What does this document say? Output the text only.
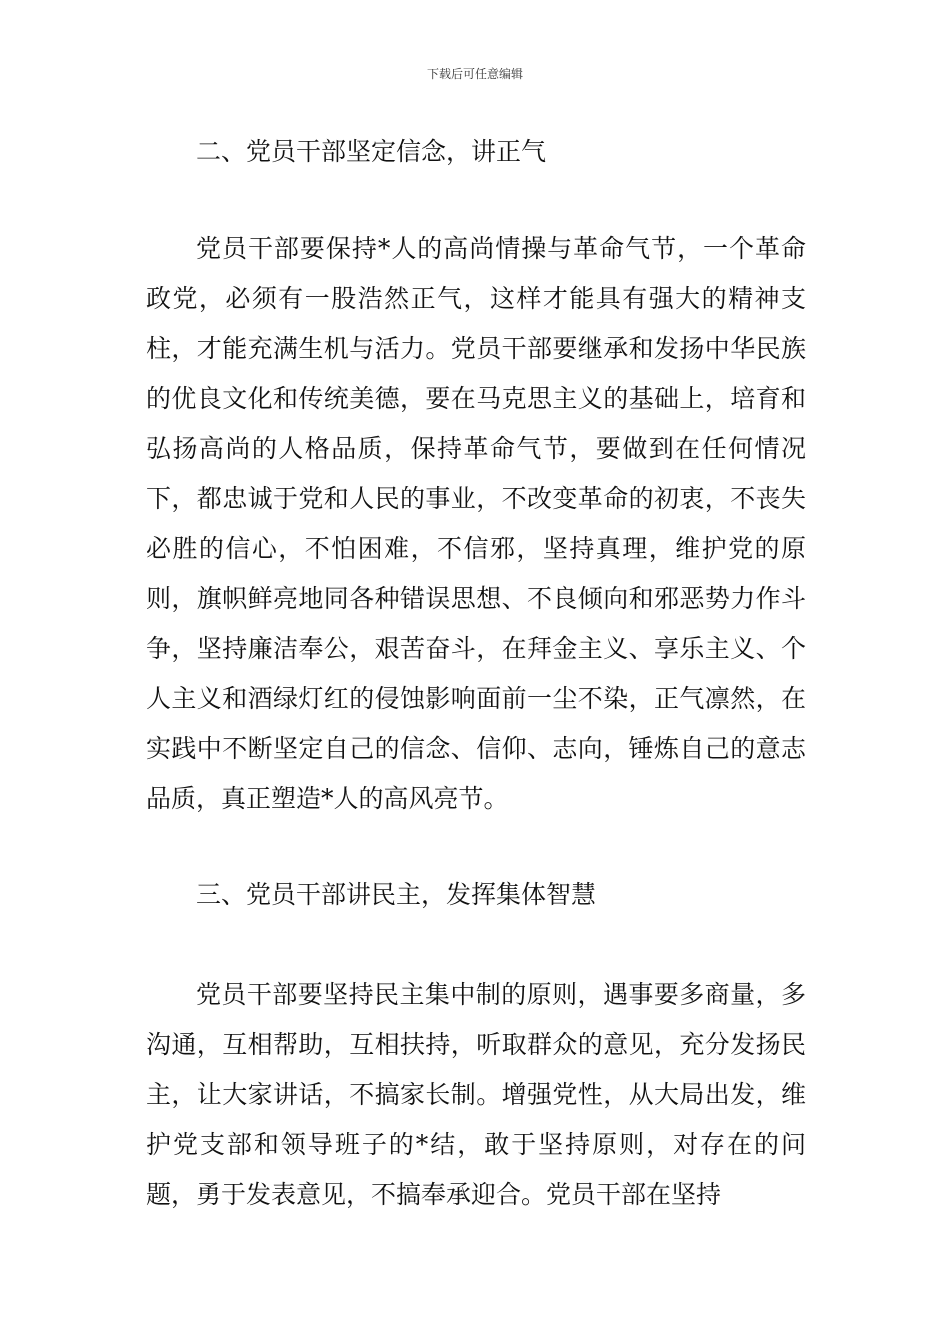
下载后可任意编辑
二、党员干部坚定信念，讲正气
党员干部要保持*人的高尚情操与革命气节，一个革命政党，必须有一股浩然正气，这样才能具有强大的精神支柱，才能充满生机与活力。党员干部要继承和发扬中华民族的优良文化和传统美德，要在马克思主义的基础上，培育和弘扬高尚的人格品质，保持革命气节，要做到在任何情况下，都忠诚于党和人民的事业，不改变革命的初衷，不丧失必胜的信心，不怕困难，不信邪，坚持真理，维护党的原则，旗帜鲜亮地同各种错误思想、不良倾向和邪恶势力作斗争，坚持廉洁奉公，艰苦奋斗，在拜金主义、享乐主义、个人主义和酒绿灯红的侵蚀影响面前一尘不染，正气凛然，在实践中不断坚定自己的信念、信仰、志向，锤炼自己的意志品质，真正塑造*人的高风亮节。
三、党员干部讲民主，发挥集体智慧
党员干部要坚持民主集中制的原则，遇事要多商量，多沟通，互相帮助，互相扶持，听取群众的意见，充分发扬民主，让大家讲话，不搞家长制。增强党性，从大局出发，维护党支部和领导班子的*结，敢于坚持原则，对存在的问题，勇于发表意见，不搞奉承迎合。党员干部在坚持
